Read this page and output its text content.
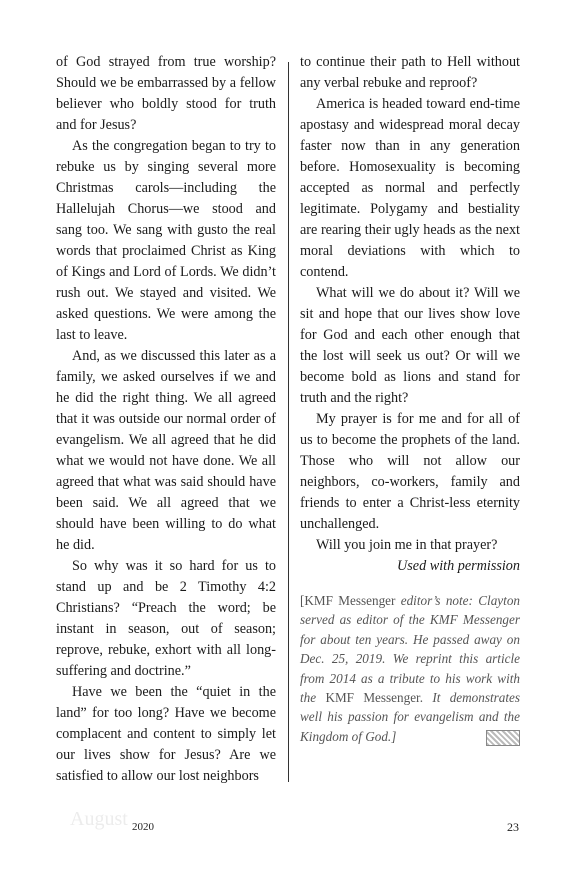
of God strayed from true worship? Should we be embarrassed by a fellow believer who boldly stood for truth and for Jesus?

As the congregation began to try to rebuke us by singing several more Christmas carols—including the Hallelujah Chorus—we stood and sang too. We sang with gusto the real words that proclaimed Christ as King of Kings and Lord of Lords. We didn’t rush out. We stayed and visited. We asked questions. We were among the last to leave.

And, as we discussed this later as a family, we asked ourselves if we and he did the right thing. We all agreed that it was outside our normal order of evangelism. We all agreed that he did what we would not have done. We all agreed that what was said should have been said. We all agreed that we should have been willing to do what he did.

So why was it so hard for us to stand up and be 2 Timothy 4:2 Christians? “Preach the word; be instant in season, out of season; reprove, rebuke, exhort with all long-suffering and doctrine.”

Have we been the “quiet in the land” for too long? Have we become complacent and content to simply let our lives show for Jesus? Are we satisfied to allow our lost neighbors

to continue their path to Hell without any verbal rebuke and reproof?

America is headed toward end-time apostasy and widespread moral decay faster now than in any generation before. Homosexuality is becoming accepted as normal and perfectly legitimate. Polygamy and bestiality are rearing their ugly heads as the next moral deviations with which to contend.

What will we do about it? Will we sit and hope that our lives show love for God and each other enough that the lost will seek us out? Or will we become bold as lions and stand for truth and the right?

My prayer is for me and for all of us to become the prophets of the land. Those who will not allow our neighbors, co-workers, family and friends to enter a Christ-less eternity unchallenged.

Will you join me in that prayer?

Used with permission

[KMF Messenger editor’s note: Clayton served as editor of the KMF Messenger for about ten years. He passed away on Dec. 25, 2019. We reprint this article from 2014 as a tribute to his work with the KMF Messenger. It demonstrates well his passion for evangelism and the Kingdom of God.]
August 2020	23
